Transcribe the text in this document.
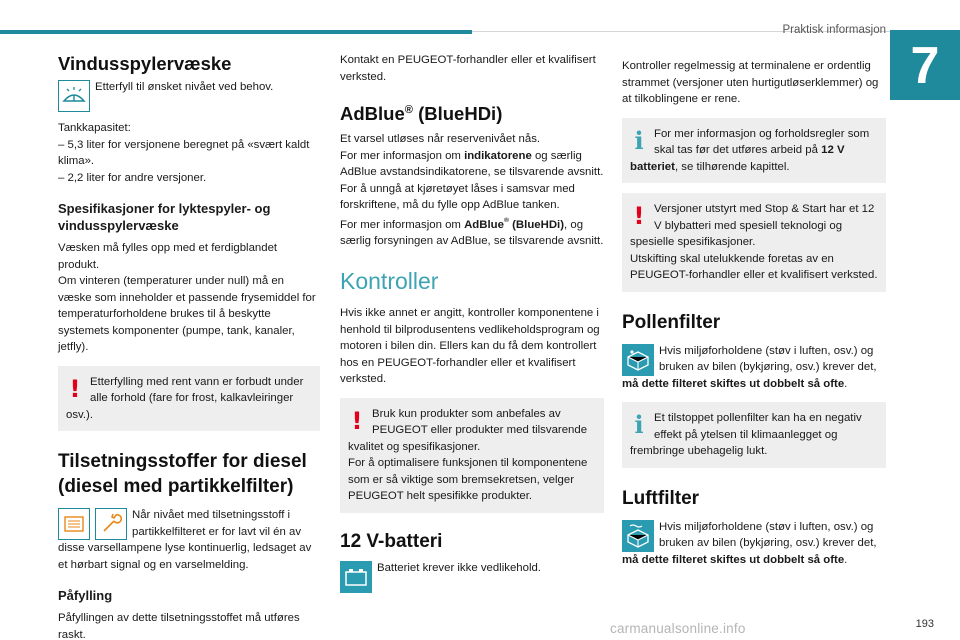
Praktisk informasjon
7
Vindusspylervæske

Etterfyll til ønsket nivået ved behov.

Tankkapasitet:

– 5,3 liter for versjonene beregnet på «svært kaldt klima».

– 2,2 liter for andre versjoner.

Spesifikasjoner for lyktespyler- og vindusspylervæske

Væsken må fylles opp med et ferdigblandet produkt.

Om vinteren (temperaturer under null) må en væske som inneholder et passende frysemiddel for temperaturforholdene brukes til å beskytte systemets komponenter (pumpe, tank, kanaler, jetfly).

! Etterfylling med rent vann er forbudt under alle forhold (fare for frost, kalkavleiringer osv.).

Tilsetningsstoffer for diesel (diesel med partikkelfilter)

Når nivået med tilsetningsstoff i partikkelfilteret er for lavt vil én av disse varsellampene lyse kontinuerlig, ledsaget av et hørbart signal og en varselmelding.

Påfylling

Påfyllingen av dette tilsetningsstoffet må utføres raskt.

Kontakt en PEUGEOT-forhandler eller et kvalifisert verksted.

AdBlue® (BlueHDi)

Et varsel utløses når reservenivået nås.

For mer informasjon om indikatorene og særlig AdBlue avstandsindikatorene, se tilsvarende avsnitt.

For å unngå at kjøretøyet låses i samsvar med forskriftene, må du fylle opp AdBlue tanken.

For mer informasjon om AdBlue® (BlueHDi), og særlig forsyningen av AdBlue, se tilsvarende avsnitt.

Kontroller

Hvis ikke annet er angitt, kontroller komponentene i henhold til bilprodusentens vedlikeholdsprogram og motoren i bilen din. Ellers kan du få dem kontrollert hos en PEUGEOT-forhandler eller et kvalifisert verksted.

! Bruk kun produkter som anbefales av PEUGEOT eller produkter med tilsvarende kvalitet og spesifikasjoner.

For å optimalisere funksjonen til komponentene som er så viktige som bremsekretsen, velger PEUGEOT helt spesifikke produkter.

12 V-batteri

Batteriet krever ikke vedlikehold.

Kontroller regelmessig at terminalene er ordentlig strammet (versjoner uten hurtigutløserklemmer) og at tilkoblingene er rene.

i For mer informasjon og forholdsregler som skal tas før det utføres arbeid på 12 V batteriet, se tilhørende kapittel.

! Versjoner utstyrt med Stop & Start har et 12 V blybatteri med spesiell teknologi og spesielle spesifikasjoner.

Utskifting skal utelukkende foretas av en PEUGEOT-forhandler eller et kvalifisert verksted.

Pollenfilter

Hvis miljøforholdene (støv i luften, osv.) og bruken av bilen (bykjøring, osv.) krever det, må dette filteret skiftes ut dobbelt så ofte.

i Et tilstoppet pollenfilter kan ha en negativ effekt på ytelsen til klimaanlegget og frembringe ubehagelig lukt.

Luftfilter

Hvis miljøforholdene (støv i luften, osv.) og bruken av bilen (bykjøring, osv.) krever det, må dette filteret skiftes ut dobbelt så ofte.

carmanualsonline.info	193
